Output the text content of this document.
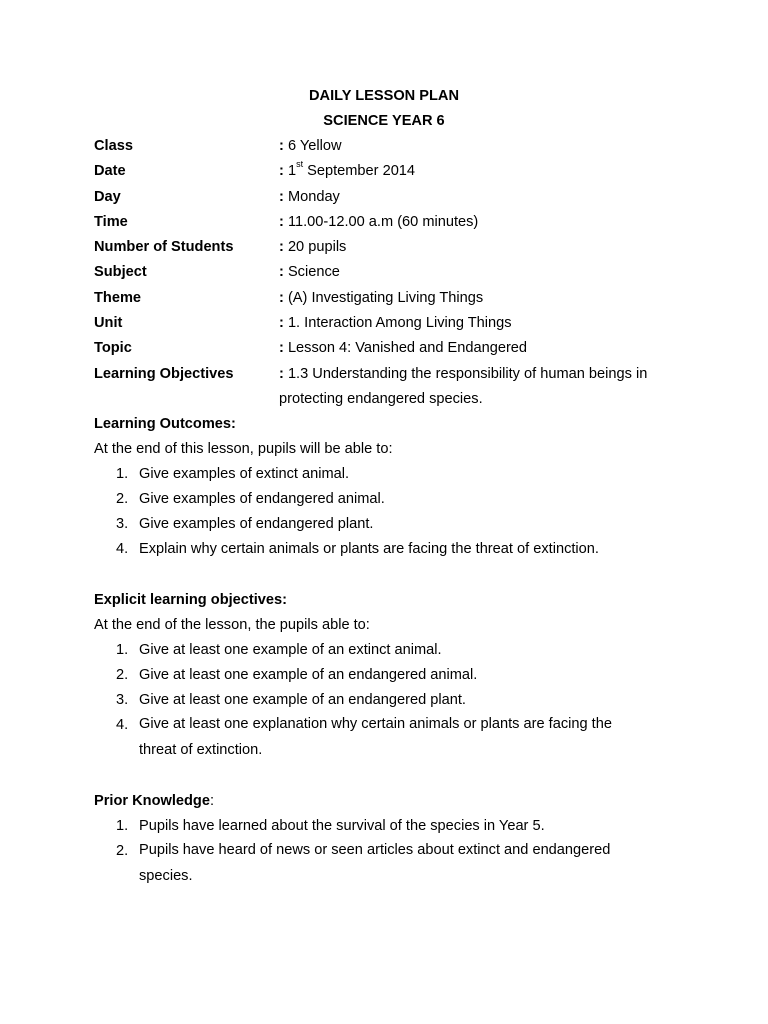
DAILY LESSON PLAN
SCIENCE YEAR 6
Class	: 6 Yellow
Date	: 1st September 2014
Day	: Monday
Time	: 11.00-12.00 a.m (60 minutes)
Number of Students	: 20 pupils
Subject	: Science
Theme	: (A) Investigating Living Things
Unit	: 1. Interaction Among Living Things
Topic	: Lesson 4: Vanished and Endangered
Learning Objectives	: 1.3 Understanding the responsibility of human beings in
protecting endangered species.
Learning Outcomes:
At the end of this lesson, pupils will be able to:
1. Give examples of extinct animal.
2. Give examples of endangered animal.
3. Give examples of endangered plant.
4. Explain why certain animals or plants are facing the threat of extinction.
Explicit learning objectives:
At the end of the lesson, the pupils able to:
1. Give at least one example of an extinct animal.
2. Give at least one example of an endangered animal.
3. Give at least one example of an endangered plant.
4. Give at least one explanation why certain animals or plants are facing the threat of extinction.
Prior Knowledge:
1. Pupils have learned about the survival of the species in Year 5.
2. Pupils have heard of news or seen articles about extinct and endangered species.
